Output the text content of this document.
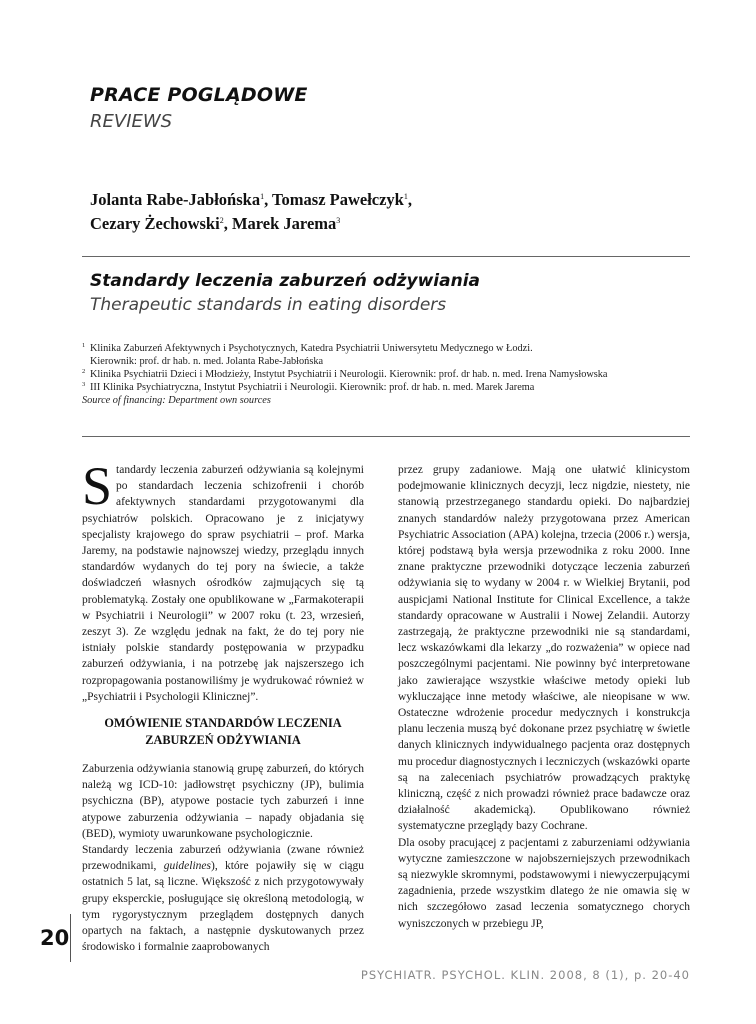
PRACE POGLĄDOWE
REVIEWS
Jolanta Rabe-Jabłońska$^1$, Tomasz Pawełczyk$^1$,
Cezary Żechowski$^2$, Marek Jarema$^3$
Standardy leczenia zaburzeń odżywiania
Therapeutic standards in eating disorders
1 Klinika Zaburzeń Afektywnych i Psychotycznych, Katedra Psychiatrii Uniwersytetu Medycznego w Łodzi.
Kierownik: prof. dr hab. n. med. Jolanta Rabe-Jabłońska
2 Klinika Psychiatrii Dzieci i Młodzieży, Instytut Psychiatrii i Neurologii. Kierownik: prof. dr hab. n. med. Irena Namysłowska
3 III Klinika Psychiatryczna, Instytut Psychiatrii i Neurologii. Kierownik: prof. dr hab. n. med. Marek Jarema
Source of financing: Department own sources

Standardy leczenia zaburzeń odżywiania są kolejnymi po standardach leczenia schizofrenii i chorób afektywnych standardami przygotowanymi dla psychiatrów polskich. Opracowano je z inicjatywy specjalisty krajowego do spraw psychiatrii – prof. Marka Jaremy, na podstawie najnowszej wiedzy, przeglądu innych standardów wydanych do tej pory na świecie, a także doświadczeń własnych ośrodków zajmujących się tą problematyką. Zostały one opublikowane w „Farmakoterapii w Psychiatrii i Neurologii” w 2007 roku (t. 23, wrzesień, zeszyt 3). Ze względu jednak na fakt, że do tej pory nie istniały polskie standardy postępowania w przypadku zaburzeń odżywiania, i na potrzebę jak najszerszego ich rozpropagowania postanowiliśmy je wydrukować również w „Psychiatrii i Psychologii Klinicznej”.

OMÓWIENIE STANDARDÓW LECZENIA
ZABURZEŃ ODŻYWIANIA

Zaburzenia odżywiania stanowią grupę zaburzeń, do których należą wg ICD-10: jadłowstręt psychiczny (JP), bulimia psychiczna (BP), atypowe postacie tych zaburzeń i inne atypowe zaburzenia odżywiania – napady objadania się (BED), wymioty uwarunkowane psychologicznie.

Standardy leczenia zaburzeń odżywiania (zwane również przewodnikami, guidelines), które pojawiły się w ciągu ostatnich 5 lat, są liczne. Większość z nich przygotowywały grupy eksperckie, posługujące się określoną metodologią, w tym rygorystycznym przeglądem dostępnych danych opartych na faktach, a następnie dyskutowanych przez środowisko i formalnie zaaprobowanych

przez grupy zadaniowe. Mają one ułatwić klinicystom podejmowanie klinicznych decyzji, lecz nigdzie, niestety, nie stanowią przestrzeganego standardu opieki. Do najbardziej znanych standardów należy przygotowana przez American Psychiatric Association (APA) kolejna, trzecia (2006 r.) wersja, której podstawą była wersja przewodnika z roku 2000. Inne znane praktyczne przewodniki dotyczące leczenia zaburzeń odżywiania się to wydany w 2004 r. w Wielkiej Brytanii, pod auspicjami National Institute for Clinical Excellence, a także standardy opracowane w Australii i Nowej Zelandii. Autorzy zastrzegają, że praktyczne przewodniki nie są standardami, lecz wskazówkami dla lekarzy „do rozważenia” w opiece nad poszczególnymi pacjentami. Nie powinny być interpretowane jako zawierające wszystkie właściwe metody opieki lub wykluczające inne metody właściwe, ale nieopisane w ww. Ostateczne wdrożenie procedur medycznych i konstrukcja planu leczenia muszą być dokonane przez psychiatrę w świetle danych klinicznych indywidualnego pacjenta oraz dostępnych mu procedur diagnostycznych i leczniczych (wskazówki oparte są na zaleceniach psychiatrów prowadzących praktykę kliniczną, część z nich prowadzi również prace badawcze oraz działalność akademicką). Opublikowano również systematyczne przeglądy bazy Cochrane.

Dla osoby pracującej z pacjentami z zaburzeniami odżywiania wytyczne zamieszczone w najobszerniejszych przewodnikach są niezwykle skromnymi, podstawowymi i niewyczerpującymi zagadnienia, przede wszystkim dlatego że nie omawia się w nich szczegółowo zasad leczenia somatycznego chorych wyniszczonych w przebiegu JP,

20
PSYCHIATR. PSYCHOL. KLIN. 2008, 8 (1), p. 20-40
